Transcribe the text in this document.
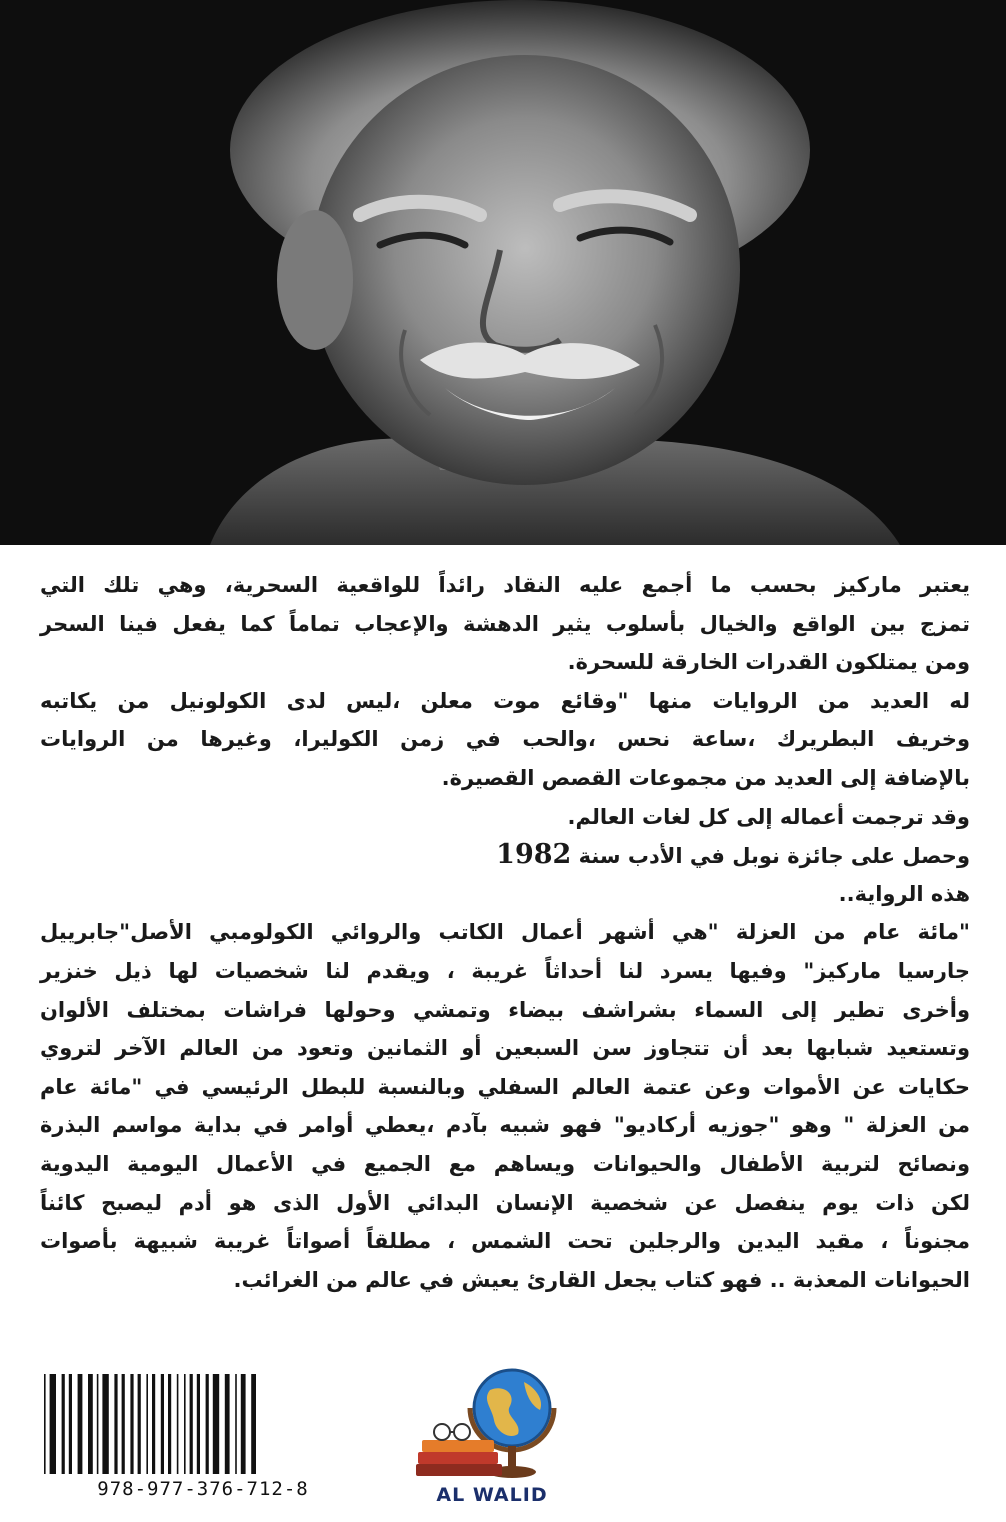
يعتبر ماركيز بحسب ما أجمع عليه النقاد رائداً للواقعية السحرية، وهي تلك التي
تمزج بين الواقع والخيال بأسلوب يثير الدهشة والإعجاب تماماً كما يفعل فينا السحر
ومن يمتلكون القدرات الخارقة للسحرة.
له العديد من الروايات منها "وقائع موت معلن ،ليس لدى الكولونيل من يكاتبه
وخريف البطريرك ،ساعة نحس ،والحب في زمن الكوليرا، وغيرها من الروايات
بالإضافة إلى العديد من مجموعات القصص القصيرة.
وقد ترجمت أعماله إلى كل لغات العالم.
وحصل على جائزة نوبل في الأدب سنة 1982
هذه الرواية..
"مائة عام من العزلة "هي أشهر أعمال الكاتب والروائي الكولومبي الأصل"جابرييل
جارسيا ماركيز" وفيها يسرد لنا أحداثاً غريبة ، ويقدم لنا شخصيات لها ذيل خنزير
وأخرى تطير إلى السماء بشراشف بيضاء وتمشي وحولها فراشات بمختلف الألوان
وتستعيد شبابها بعد أن تتجاوز سن السبعين أو الثمانين وتعود من العالم الآخر لتروي
حكايات عن الأموات وعن عتمة العالم السفلي وبالنسبة للبطل الرئيسي في "مائة عام
من العزلة " وهو "جوزيه أركاديو" فهو شبيه بآدم ،يعطي أوامر في بداية مواسم البذرة
ونصائح لتربية الأطفال والحيوانات ويساهم مع الجميع في الأعمال اليومية اليدوية
لكن ذات يوم ينفصل عن شخصية الإنسان البدائي الأول الذى هو أدم ليصبح كائناً
مجنوناً ، مقيد اليدين والرجلين تحت الشمس ، مطلقاً أصواتاً غريبة شبيهة بأصوات
الحيوانات المعذبة .. فهو كتاب يجعل القارئ يعيش في عالم من الغرائب.
978-977-376-712-8	AL WALID
